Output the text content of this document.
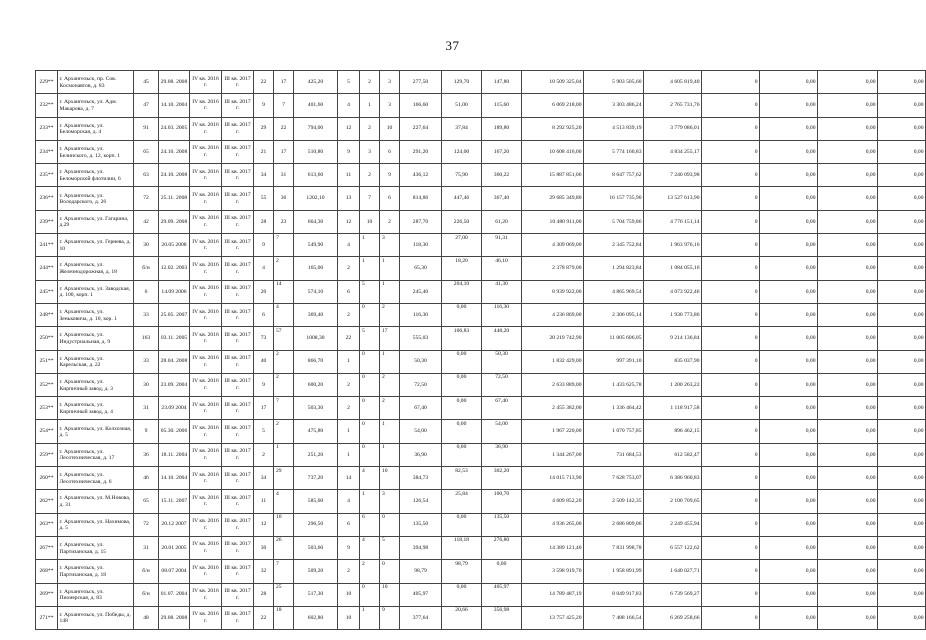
37
229**	г. Архангельск, пр. Сов. Космонавтов, д. 83	45	29.08. 2008	IV кв. 2016 г.	III кв. 2017 г.	22	17	425,20	5	2	3	277,50	129,70	147,80	10 509 325,04	5 903 505,60	4 605 819,40	0	0,00	0,00	0,00
232**	г. Архангельск, ул. Адм. Макарова, д. 7	47	14.10. 2004	IV кв. 2016 г.	III кв. 2017 г.	9	7	401,60	4	1	3	166,60	51,00	115,60	6 069 218,00	3 303 486,24	2 765 731,76	0	0,00	0,00	0,00
233**	г. Архангельск, ул. Беломорская, д. 4	91	24.03. 2005	IV кв. 2016 г.	III кв. 2017 г.	29	22	794,00	12	2	10	227,64	37,84	189,80	8 292 925,20	4 513 839,19	3 779 086,01	0	0,00	0,00	0,00
234**	г. Архангельск, ул. Белинского, д. 12, корп. 1	65	24.10. 2008	IV кв. 2016 г.	III кв. 2017 г.	21	17	510,80	9	3	6	291,20	124,00	167,20	10 608 416,00	5 774 160,83	4 834 255,17	0	0,00	0,00	0,00
235**	г. Архангельск, ул. Беломорской флотилии, 6	63	24.10. 2008	IV кв. 2016 г.	III кв. 2017 г.	34	31	613,60	11	2	9	436,12	75,90	360,22	15 887 851,06	8 647 757,62	7 240 093,98	0	0,00	0,00	0,00
236**	г. Архангельск, ул. Володарского, д. 26	72	25.11. 2008	IV кв. 2016 г.	III кв. 2017 г.	55	36	1202,10	13	7	6	814,86	447,46	367,40	29 685 349,80	16 157 735,90	13 527 613,90	0	0,00	0,00	0,00
239**	г. Архангельск, ул. Гагарина, д.29	42	29.09. 2008	IV кв. 2016 г.	III кв. 2017 г.	28	23	664,30	12	10	2	287,70	226,50	61,20	10 480 911,00	5 704 759,86	4 776 151,14	0	0,00	0,00	0,00
241**	г. Архангельск, ул. Гернева, д. 10	30	20.05 2008	IV кв. 2016 г.	III кв. 2017 г.	9	7	549,90	4	1	3	118,30	27,00	91,31	4 309 069,00	2 345 752,84	1 963 976,16	0	0,00	0,00	0,00
244**	г. Архангельск, ул. Железнодорожная, д. 18	б/н	12.02. 2003	IV кв. 2016 г.	III кв. 2017 г.	4	2	165,00	2	1	1	65,30	18,20	46,10	2 378 879,00	1 294 823,84	1 084 055,16	0	0,00	0,00	0,00
245**	г. Архангельск, ул. Заводская, д. 100, корп. 1	6	14.09 2006	IV кв. 2016 г.	III кв. 2017 г.	20	14	574,10	6	5	1	245,40	204,10	41,30	8 939 922,00	4 865 969,54	4 073 922,46	0	0,00	0,00	0,00
248**	г. Архангельск, ул. Зеньковича, д. 10, кор. 1	33	25.05. 2007	IV кв. 2016 г.	III кв. 2017 г.	6	4	369,40	2	0	2	116,30	0,00	116,30	4 236 869,00	2 306 095,14	1 930 773,86	0	0,00	0,00	0,00
250**	г. Архангельск, ул. Индустриальная, д. 9	163	03.11. 2005	IV кв. 2016 г.	III кв. 2017 г.	73	57	1008,30	22	5	17	555,03	106,83	448,20	20 219 742,90	11 005 606,05	9 214 136,84	0	0,00	0,00	0,00
251**	г. Архангельск, ул. Карельская, д. 22	33	28.04. 2008	IV кв. 2016 г.	III кв. 2017 г.	40	2	866,70	1	0	1	50,30	0,00	50,30	1 832 429,00	997 391,10	835 037,90	0	0,00	0,00	0,00
252**	г. Архангельск, ул. Кирпичный завод, д. 3	30	23.09. 2004	IV кв. 2016 г.	III кв. 2017 г.	9	2	600,20	2	0	2	72,50	0,00	72,50	2 633 889,00	1 433 625,78	1 200 263,22	0	0,00	0,00	0,00
253**	г. Архангельск, ул. Кирпичный завод, д. 4	31	23.09 2004	IV кв. 2016 г.	III кв. 2017 г.	17	7	503,30	2	0	2	67,40	0,00	67,40	2 455 382,00	1 336 464,42	1 118 917,58	0	0,00	0,00	0,00
254**	г. Архангельск, ул. Колхозная, д. 5	9	05.30. 2006	IV кв. 2016 г.	III кв. 2017 г.	5	2	475,80	1	0	1	54,00	0,00	54,00	1 967 220,00	1 070 757,85	896 462,15	0	0,00	0,00	0,00
259**	г. Архангельск, ул. Лесотехническая, д. 17	36	18.11. 2004	IV кв. 2016 г.	III кв. 2017 г.	2	1	251,20	1	0	1	36,90	0,00	36,90	1 344 267,00	731 684,53	612 582,47	0	0,00	0,00	0,00
260**	г. Архангельск, ул. Лесотехническая, д. 6	46	14.10. 2004	IV кв. 2016 г.	III кв. 2017 г.	34	29	737,20	14	4	10	384,73	82,53	302,20	14 015 713,90	7 628 753,07	6 386 960,83	0	0,00	0,00	0,00
262**	г. Архангельск, ул. М.Новова, д. 31	65	15.11. 2007	IV кв. 2016 г.	III кв. 2017 г.	11	4	585,60	4	1	3	126,54	25,84	100,70	4 609 852,20	2 509 142,35	2 100 709,65	0	0,00	0,00	0,00
263**	г. Архангельск, ул. Нахимова, д. 5	72	20.12 2007	IV кв. 2016 г.	III кв. 2017 г.	12	10	296,50	6	6	0	135,50	0,00	135,50	4 936 265,00	2 686 809,06	2 249 455,94	0	0,00	0,00	0,00
267**	г. Архангельск, ул. Партизанская, д. 15	31	20.01 2005	IV кв. 2016 г.	III кв. 2017 г.	30	26	503,60	9	4	5	394,98	118,18	276,80	14 389 121,40	7 831 998,78	6 557 122,62	0	0,00	0,00	0,00
268**	г. Архангельск, ул. Партизанская, д. 18	б/н	08.07 2004	IV кв. 2016 г.	III кв. 2017 г.	32	7	509,20	2	2	0	98,79	98,79	0,00	3 598 919,70	1 958 891,99	1 640 027,71	0	0,00	0,00	0,00
269**	г. Архангельск, ул. Пионерская, д. 83	б/н	01.07. 2004	IV кв. 2016 г.	III кв. 2017 г.	28	25	517,30	10	0	10	405,97	0,00	405,97	14 789 487,19	8 049 917,83	6 739 569,27	0	0,00	0,00	0,00
271**	г. Архангельск, ул. Победы, д. 148	48	29.08. 2008	IV кв. 2016 г.	III кв. 2017 г.	22	18	602,80	10	1	9	377,64	20,66	356,98	13 757 425,20	7 488 166,54	6 269 258,66	0	0,00	0,00	0,00
